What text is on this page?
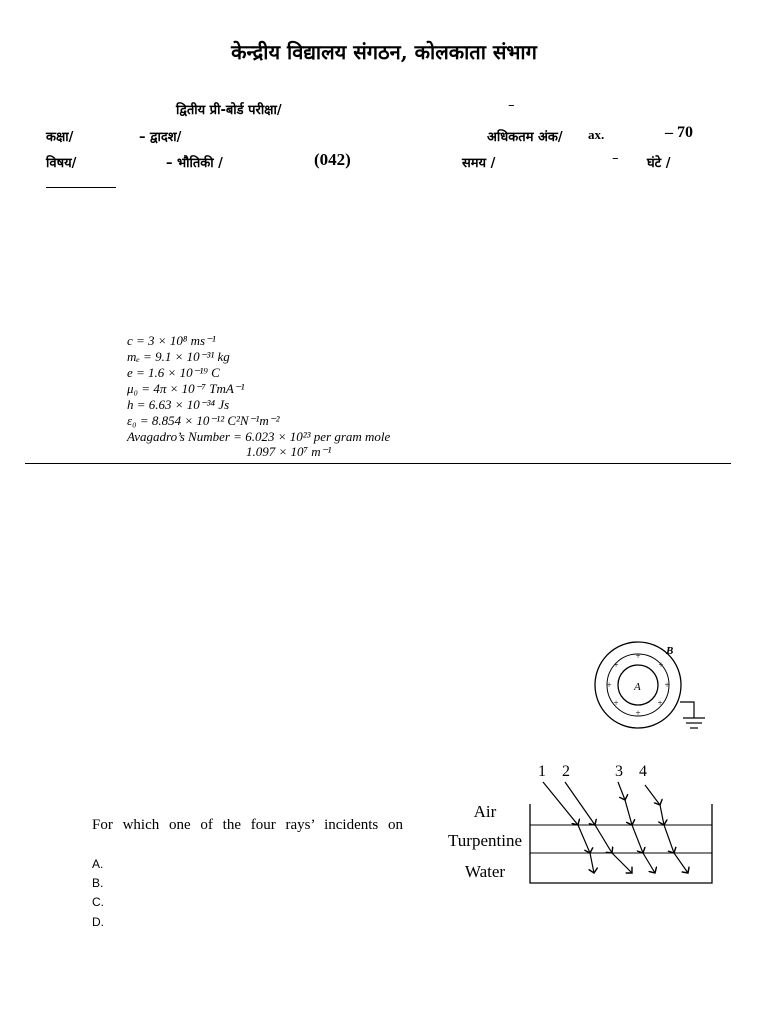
केन्द्रीय विद्यालय संगठन, कोलकाता संभाग
द्वितीय प्री-बोर्ड परीक्षा/	–
कक्षा/	– द्वादश/	अधिकतम अंक/ ax.	– 70
विषय/	– भौतिकी /	(042)	समय /	– घंटे /
c = 3 × 10⁸ ms⁻¹
mₑ = 9.1 × 10⁻³¹ kg
e = 1.6 × 10⁻¹⁹ C
μ₀ = 4π × 10⁻⁷ TmA⁻¹
h = 6.63 × 10⁻³⁴ Js
ε₀ = 8.854 × 10⁻¹² C²N⁻¹m⁻²
Avagadro’s Number = 6.023 × 10²³ per gram mole
1.097 × 10⁷ m⁻¹
A
B
+
+
+
+
+
+
+
+
1 2	3 4
Air
Turpentine
Water
For which one of the four rays’ incidents on
A.
B.
C.
D.
